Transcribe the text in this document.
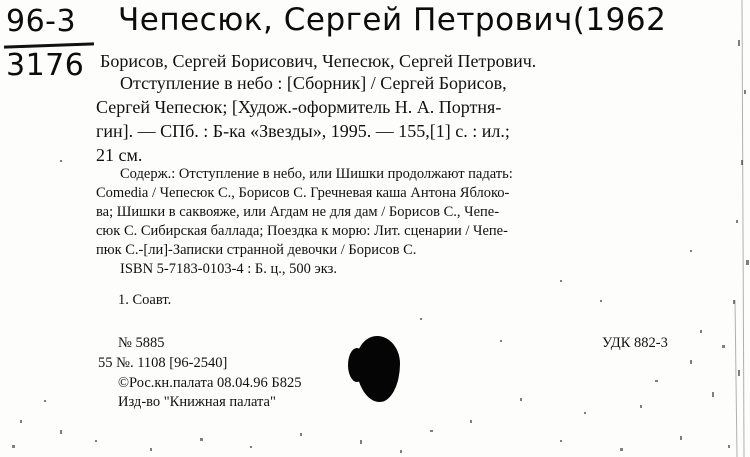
Чепесюк, Сергей Петрович(1962
96-3
3176 Борисов, Сергей Борисович, Чепесюк, Сергей Петрович.
Отступление в небо : [Сборник] / Сергей Борисов,
Сергей Чепесюк; [Худож.-оформитель Н. А. Портня-
гин]. — СПб. : Б-ка «Звезды», 1995. — 155,[1] с. : ил.;
21 см.
Содерж.: Отступление в небо, или Шишки продолжают падать:
Comedia / Чепесюк С., Борисов С. Гречневая каша Антона Яблоко-
ва; Шишки в саквояже, или Агдам не для дам / Борисов С., Чепе-
сюк С. Сибирская баллада; Поездка к морю: Лит. сценарии / Чепе-
пюк С.-[ли]-Записки странной девочки / Борисов С.
ISBN 5-7183-0103-4 : Б. ц., 500 экз.
1. Соавт.
№ 5885	УДК 882-3
55 №. 1108 [96-2540]
©Рос.кн.палата 08.04.96 Б825
Изд-во "Книжная палата"
